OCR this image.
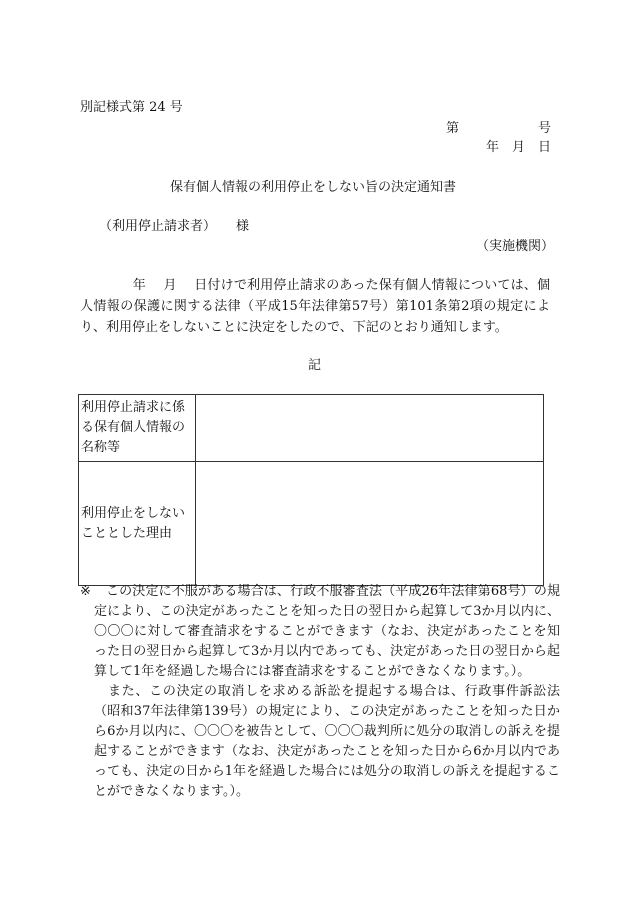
別記様式第 24 号
第	号
年 月 日
保有個人情報の利用停止をしない旨の決定通知書
（利用停止請求者） 様
（実施機関）
　　　　年　 月　 日付けで利用停止請求のあった保有個人情報については、個人情報の保護に関する法律（平成15年法律第57号）第101条第2項の規定により、利用停止をしないことに決定をしたので、下記のとおり通知します。
記
利用停止請求に係る保有個人情報の名称等	
利用停止をしないこととした理由	
※	この決定に不服がある場合は、行政不服審査法（平成26年法律第68号）の規定により、この決定があったことを知った日の翌日から起算して3か月以内に、〇〇〇に対して審査請求をすることができます（なお、決定があったことを知った日の翌日から起算して3か月以内であっても、決定があった日の翌日から起算して1年を経過した場合には審査請求をすることができなくなります。）。

また、この決定の取消しを求める訴訟を提起する場合は、行政事件訴訟法（昭和37年法律第139号）の規定により、この決定があったことを知った日から6か月以内に、〇〇〇を被告として、〇〇〇裁判所に処分の取消しの訴えを提起することができます（なお、決定があったことを知った日から6か月以内であっても、決定の日から1年を経過した場合には処分の取消しの訴えを提起することができなくなります。）。
